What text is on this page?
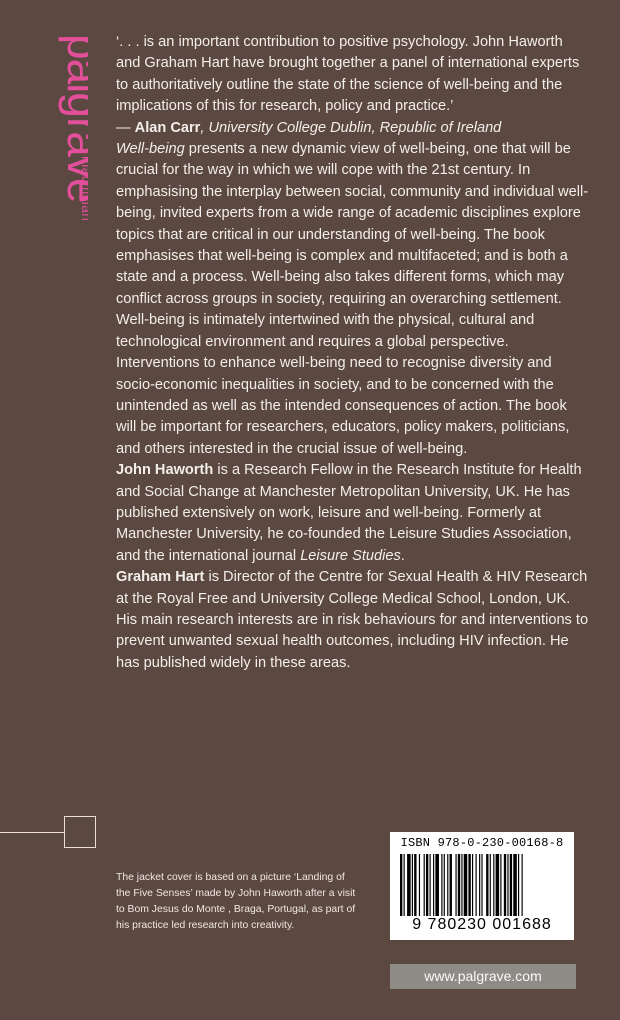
palgrave
macmillan

‘. . . is an important contribution to positive psychology. John Haworth and Graham Hart have brought together a panel of international experts to authoritatively outline the state of the science of well-being and the implications of this for research, policy and practice.’
— Alan Carr, University College Dublin, Republic of Ireland

Well-being presents a new dynamic view of well-being, one that will be crucial for the way in which we will cope with the 21st century. In emphasising the interplay between social, community and individual well-being, invited experts from a wide range of academic disciplines explore topics that are critical in our understanding of well-being. The book emphasises that well-being is complex and multifaceted; and is both a state and a process. Well-being also takes different forms, which may conflict across groups in society, requiring an overarching settlement. Well-being is intimately intertwined with the physical, cultural and technological environment and requires a global perspective. Interventions to enhance well-being need to recognise diversity and socio-economic inequalities in society, and to be concerned with the unintended as well as the intended consequences of action. The book will be important for researchers, educators, policy makers, politicians, and others interested in the crucial issue of well-being.

John Haworth is a Research Fellow in the Research Institute for Health and Social Change at Manchester Metropolitan University, UK. He has published extensively on work, leisure and well-being. Formerly at Manchester University, he co-founded the Leisure Studies Association, and the international journal Leisure Studies.

Graham Hart is Director of the Centre for Sexual Health & HIV Research at the Royal Free and University College Medical School, London, UK. His main research interests are in risk behaviours for and interventions to prevent unwanted sexual health outcomes, including HIV infection. He has published widely in these areas.

The jacket cover is based on a picture ‘Landing of the Five Senses’ made by John Haworth after a visit to Bom Jesus do Monte , Braga, Portugal, as part of his practice led research into creativity.
ISBN 978-0-230-00168-8
9 780230 001688
www.palgrave.com
